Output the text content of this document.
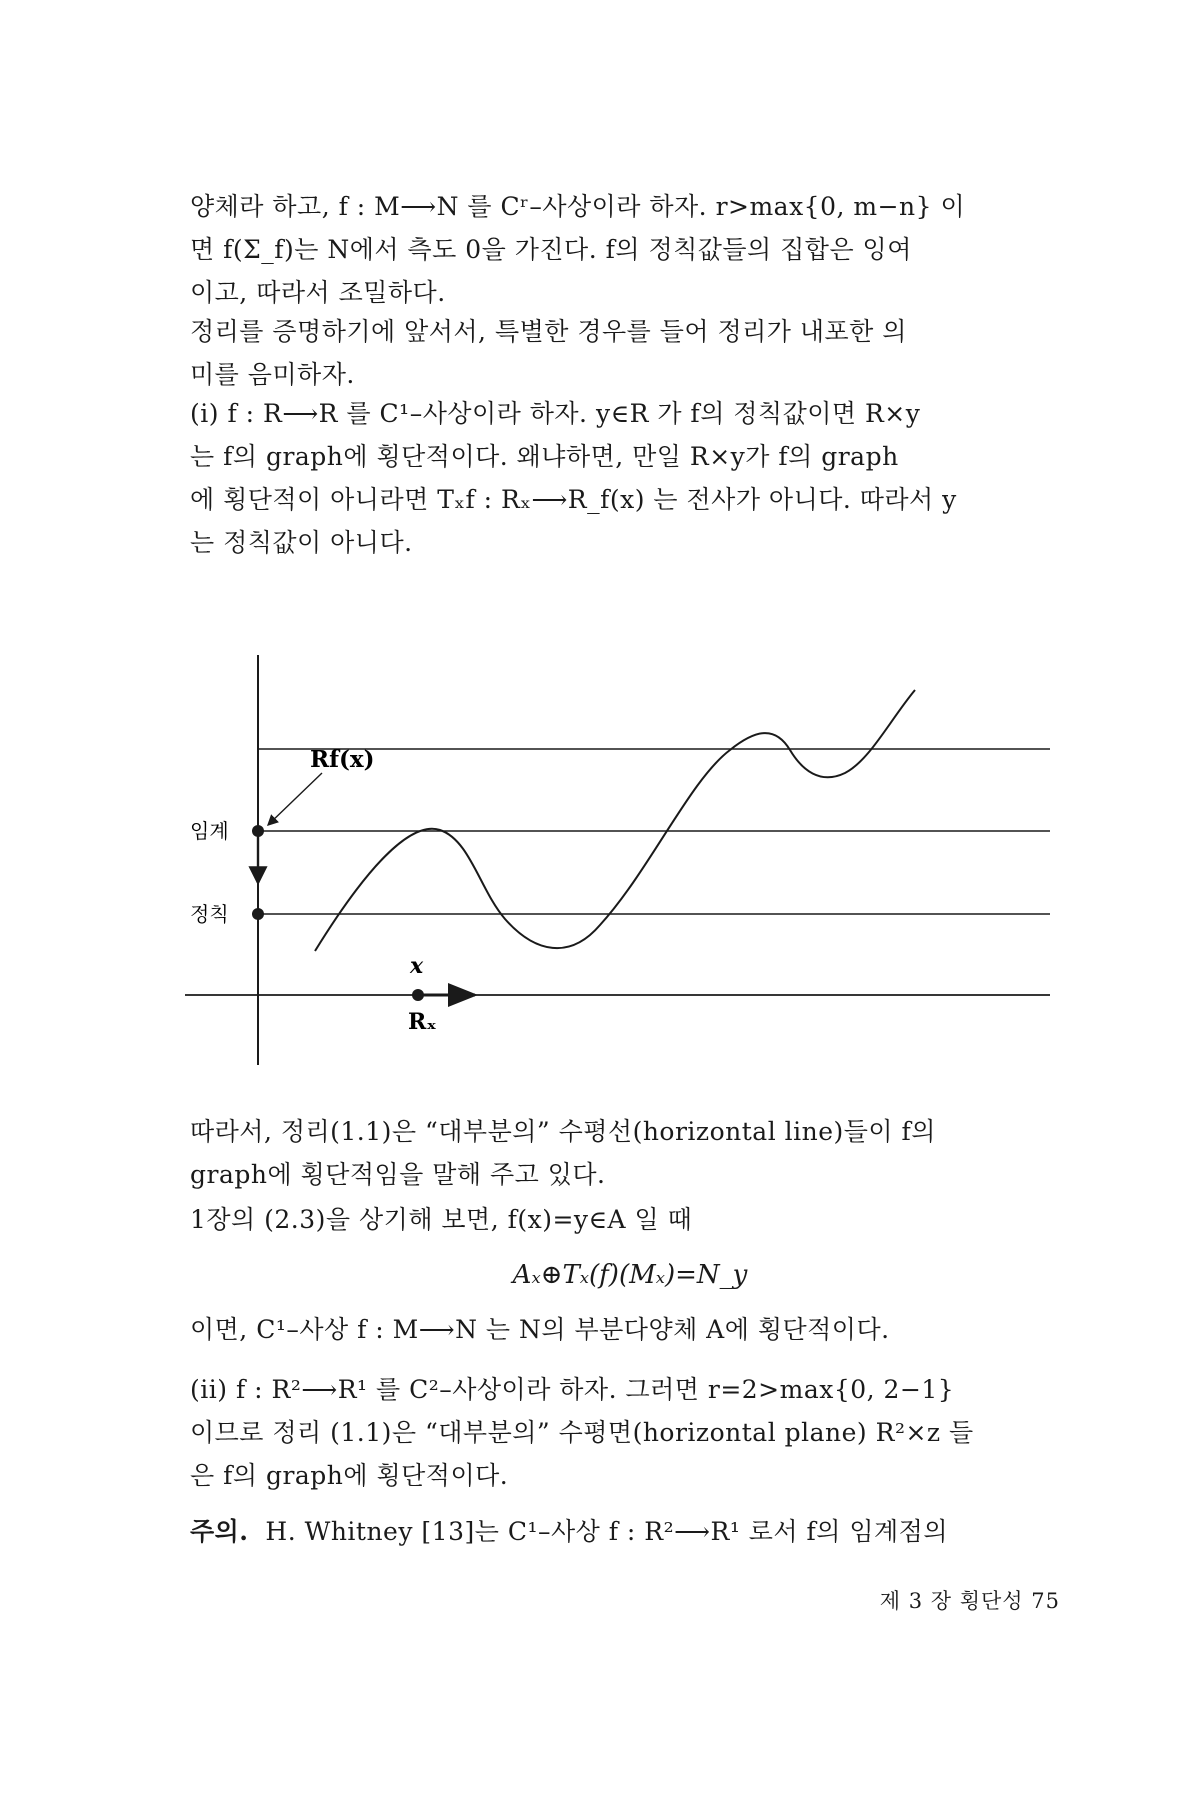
양체라 하고, f : M⟶N 를 Cʳ–사상이라 하자. r>max{0, m−n} 이
면 f(Σ_f)는 N에서 측도 0을 가진다. f의 정칙값들의 집합은 잉여
이고, 따라서 조밀하다.

정리를 증명하기에 앞서서, 특별한 경우를 들어 정리가 내포한 의
미를 음미하자.

(i) f : R⟶R 를 C¹–사상이라 하자. y∈R 가 f의 정칙값이면 R×y
는 f의 graph에 횡단적이다. 왜냐하면, 만일 R×y가 f의 graph
에 횡단적이 아니라면 Tₓf : Rₓ⟶R_f(x) 는 전사가 아니다. 따라서 y
는 정칙값이 아니다.

Rf(x)
임계
정칙
x
Rₓ

따라서, 정리(1.1)은 “대부분의” 수평선(horizontal line)들이 f의
graph에 횡단적임을 말해 주고 있다.

1장의 (2.3)을 상기해 보면, f(x)=y∈A 일 때

Aₓ⊕Tₓ(f)(Mₓ)=N_y

이면, C¹–사상 f : M⟶N 는 N의 부분다양체 A에 횡단적이다.

(ii) f : R²⟶R¹ 를 C²–사상이라 하자. 그러면 r=2>max{0, 2−1}
이므로 정리 (1.1)은 “대부분의” 수평면(horizontal plane) R²×z 들
은 f의 graph에 횡단적이다.

주의. H. Whitney [13]는 C¹–사상 f : R²⟶R¹ 로서 f의 임계점의

제 3 장 횡단성 75
